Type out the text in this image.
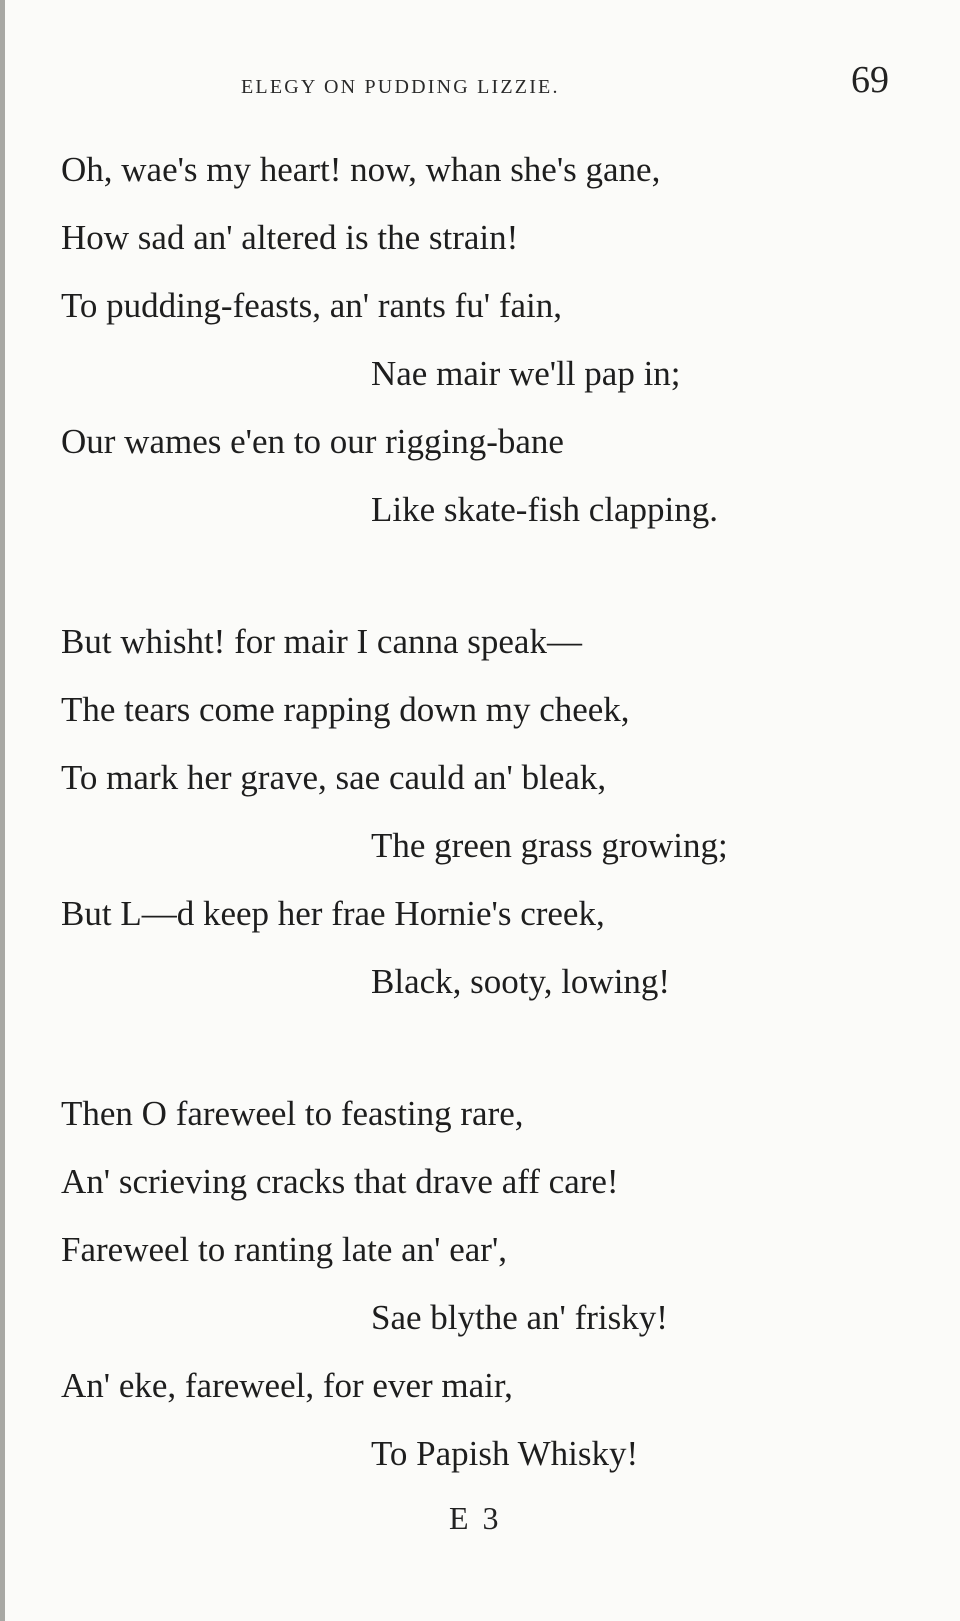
ELEGY ON PUDDING LIZZIE.	69
Oh, wae's my heart! now, whan she's gane,
How sad an' altered is the strain!
To pudding-feasts, an' rants fu' fain,
Nae mair we'll pap in;
Our wames e'en to our rigging-bane
Like skate-fish clapping.
But whisht! for mair I canna speak—
The tears come rapping down my cheek,
To mark her grave, sae cauld an' bleak,
The green grass growing;
But L—d keep her frae Hornie's creek,
Black, sooty, lowing!
Then O fareweel to feasting rare,
An' scrieving cracks that drave aff care!
Fareweel to ranting late an' ear',
Sae blythe an' frisky!
An' eke, fareweel, for ever mair,
To Papish Whisky!
E 3
